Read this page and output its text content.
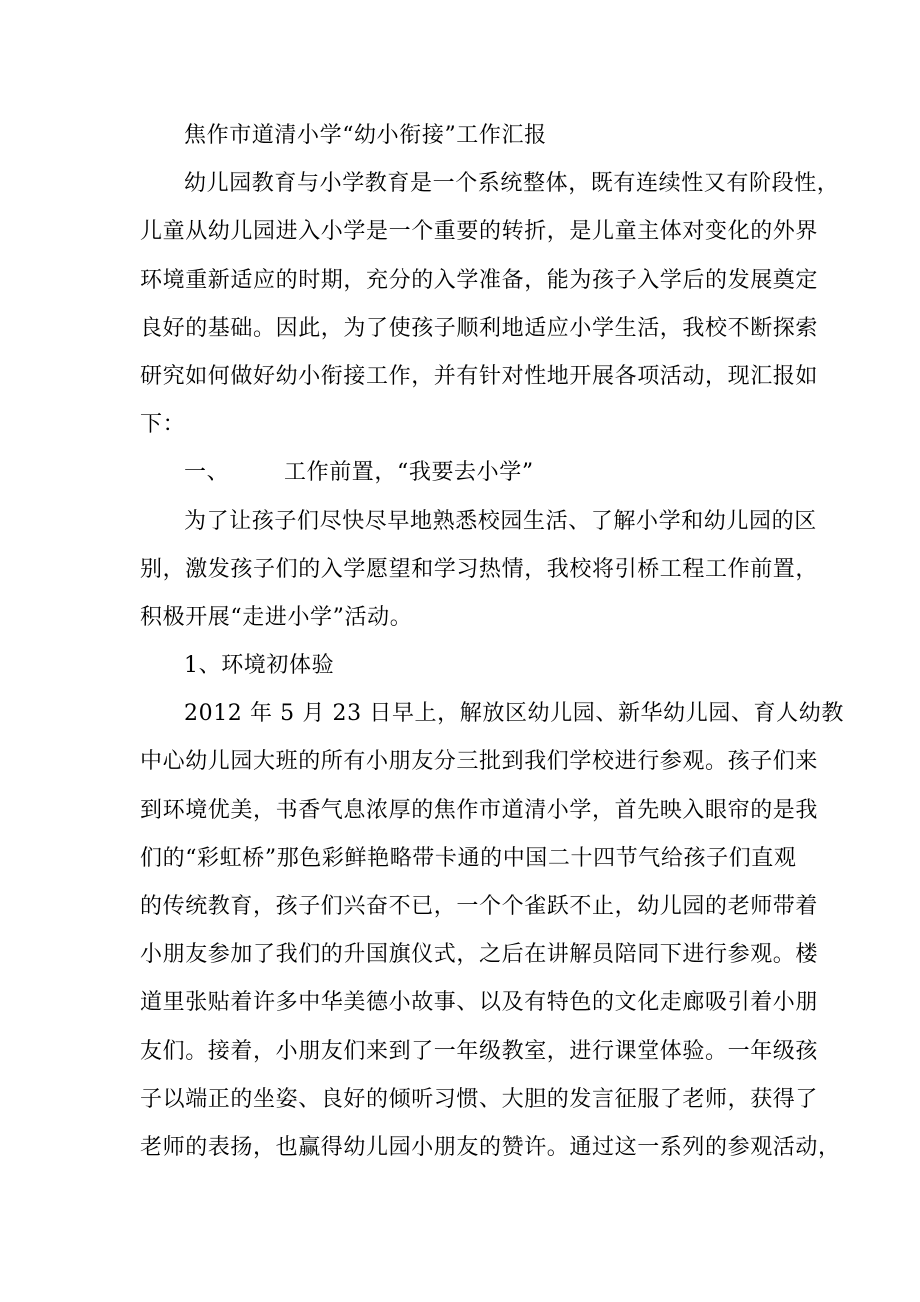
焦作市道清小学“幼小衔接”工作汇报
幼儿园教育与小学教育是一个系统整体，既有连续性又有阶段性，
儿童从幼儿园进入小学是一个重要的转折，是儿童主体对变化的外界
环境重新适应的时期，充分的入学准备，能为孩子入学后的发展奠定
良好的基础。因此，为了使孩子顺利地适应小学生活，我校不断探索
研究如何做好幼小衔接工作，并有针对性地开展各项活动，现汇报如
下：
一、 工作前置，“我要去小学”
为了让孩子们尽快尽早地熟悉校园生活、了解小学和幼儿园的区
别，激发孩子们的入学愿望和学习热情，我校将引桥工程工作前置，
积极开展“走进小学”活动。
1、环境初体验
2012 年 5 月 23 日早上，解放区幼儿园、新华幼儿园、育人幼教
中心幼儿园大班的所有小朋友分三批到我们学校进行参观。孩子们来
到环境优美，书香气息浓厚的焦作市道清小学，首先映入眼帘的是我
们的“彩虹桥”那色彩鲜艳略带卡通的中国二十四节气给孩子们直观
的传统教育，孩子们兴奋不已，一个个雀跃不止，幼儿园的老师带着
小朋友参加了我们的升国旗仪式，之后在讲解员陪同下进行参观。楼
道里张贴着许多中华美德小故事、以及有特色的文化走廊吸引着小朋
友们。接着，小朋友们来到了一年级教室，进行课堂体验。一年级孩
子以端正的坐姿、良好的倾听习惯、大胆的发言征服了老师，获得了
老师的表扬，也赢得幼儿园小朋友的赞许。通过这一系列的参观活动，
